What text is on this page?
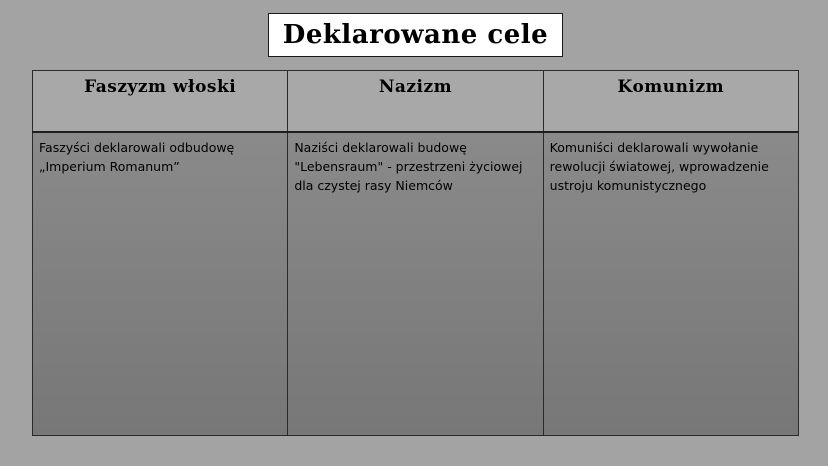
Deklarowane cele
Faszyzm włoski	Nazizm	Komunizm
Faszyści deklarowali odbudowę „Imperium Romanum”	Naziści deklarowali budowę "Lebensraum" - przestrzeni życiowej dla czystej rasy Niemców	Komuniści deklarowali wywołanie rewolucji światowej, wprowadzenie ustroju komunistycznego
